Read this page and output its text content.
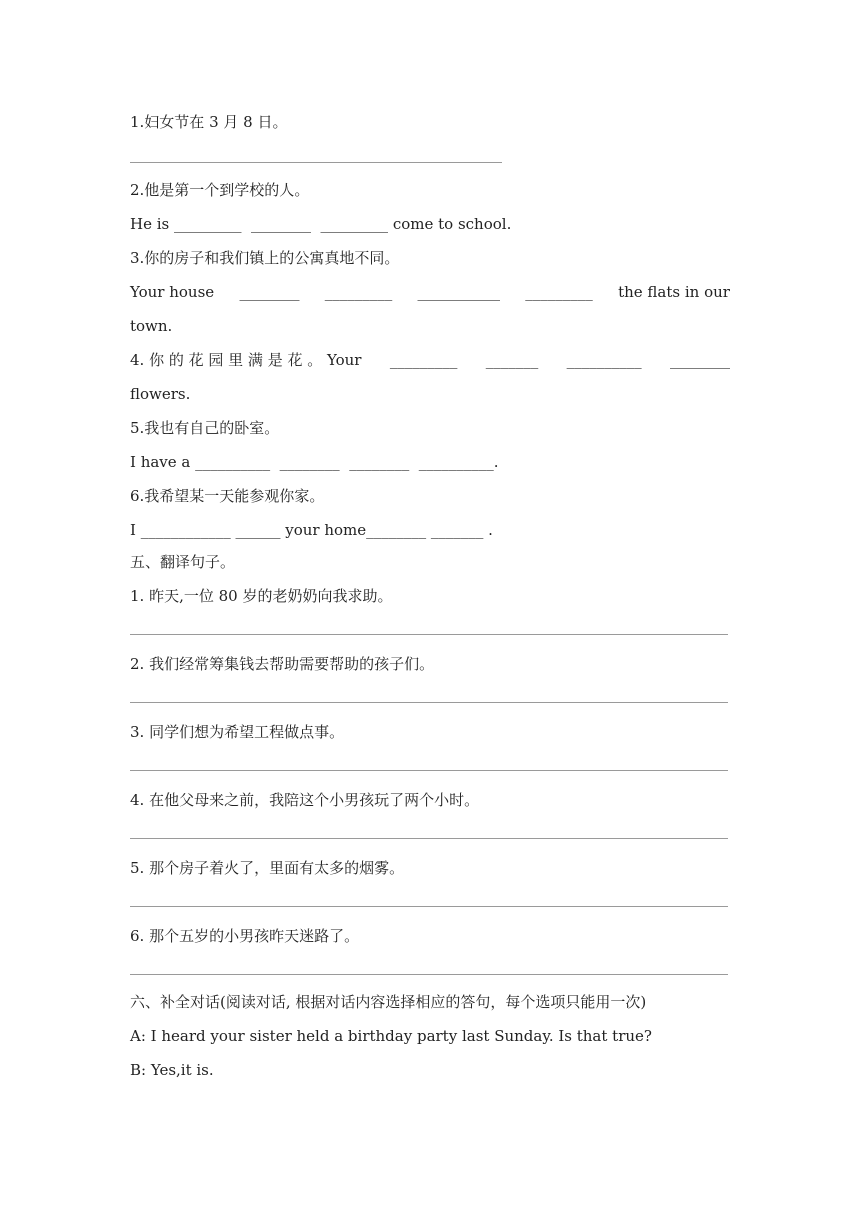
1.妇女节在 3 月 8 日。
2.他是第一个到学校的人。
He is _________  ________  _________ come to school.
3.你的房子和我们镇上的公寓真地不同。
Your house ________ _________ ___________ _________ the flats in our
town.
4. 你 的 花 园 里 满 是 花 。 Your _________ _______ __________ ________
flowers.
5.我也有自己的卧室。
I have a __________  ________  ________  __________.
6.我希望某一天能参观你家。
I ____________ ______ your home________ _______ .
五、翻译句子。
1. 昨天,一位 80 岁的老奶奶向我求助。
2. 我们经常筹集钱去帮助需要帮助的孩子们。
3. 同学们想为希望工程做点事。
4. 在他父母来之前，我陪这个小男孩玩了两个小时。
5. 那个房子着火了，里面有太多的烟雾。
6. 那个五岁的小男孩昨天迷路了。
六、补全对话(阅读对话, 根据对话内容选择相应的答句，每个选项只能用一次)
A: I heard your sister held a birthday party last Sunday. Is that true?
B: Yes,it is.
